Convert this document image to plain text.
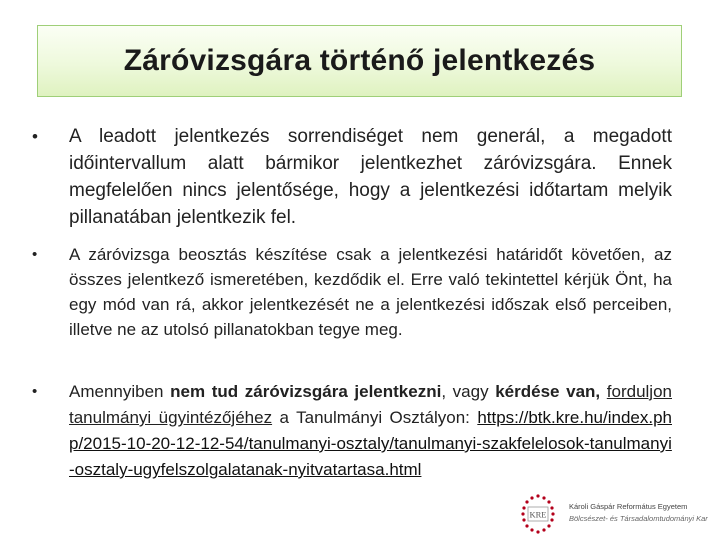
Záróvizsgára történő jelentkezés
• A leadott jelentkezés sorrendiséget nem generál, a megadott időintervallum alatt bármikor jelentkezhet záróvizsgára. Ennek megfelelően nincs jelentősége, hogy a jelentkezési időtartam melyik pillanatában jelentkezik fel.
• A záróvizsga beosztás készítése csak a jelentkezési határidőt követően, az összes jelentkező ismeretében, kezdődik el. Erre való tekintettel kérjük Önt, ha egy mód van rá, akkor jelentkezését ne a jelentkezési időszak első perceiben, illetve ne az utolsó pillanatokban tegye meg.
• Amennyiben nem tud záróvizsgára jelentkezni, vagy kérdése van, forduljon tanulmányi ügyintézőjéhez a Tanulmányi Osztályon: https://btk.kre.hu/index.php/2015-10-20-12-12-54/tanulmanyi-osztaly/tanulmanyi-szakfelelosok-tanulmanyi-osztaly-ugyfelszolgalatanak-nyitvatartasa.html
KRE
Károli Gáspár Református Egyetem
Bölcsészet- és Társadalomtudományi Kar
